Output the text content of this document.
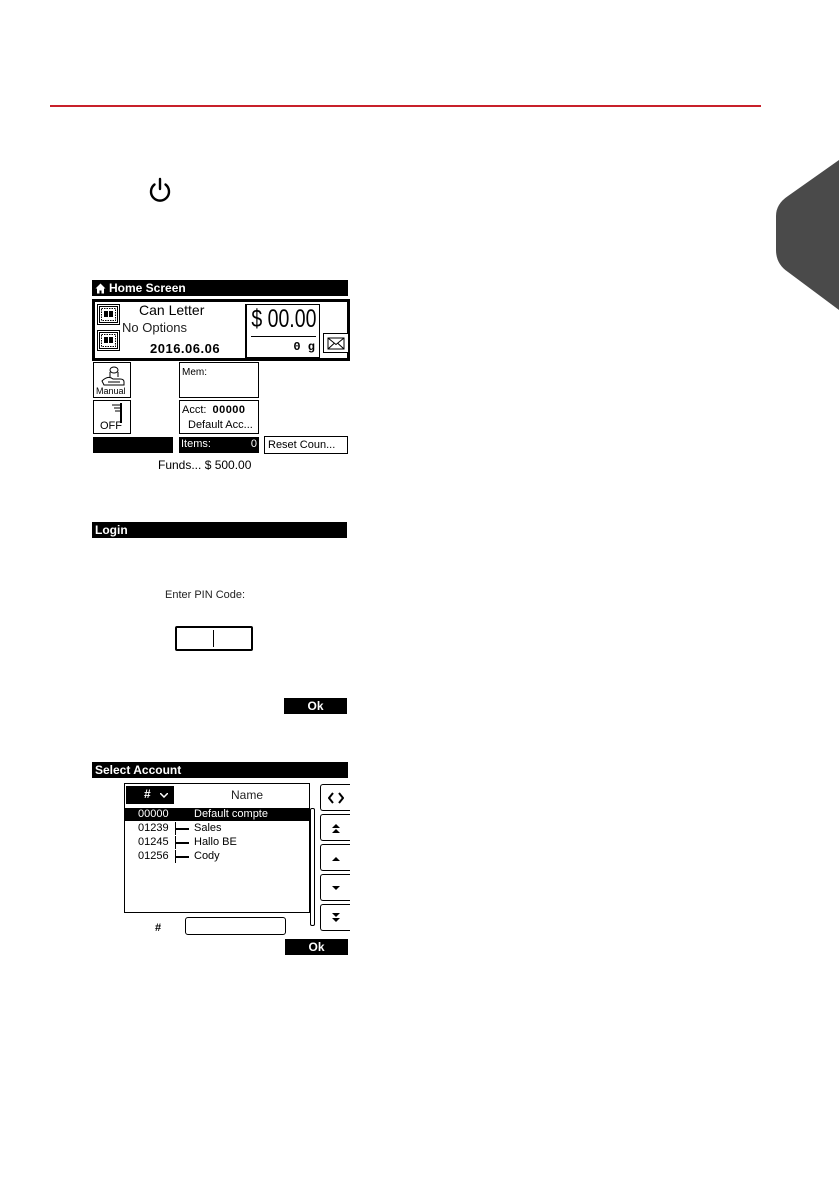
Home Screen
Can Letter
No Options
2016.06.06
$ 00.00
0 g
Manual
OFF
Mem:
Acct: 00000
Default Acc...
Items:	0	Reset Coun...
Funds... $ 500.00
Login
Enter PIN Code:
Ok
Select Account
#	Name
00000 Default compte
01239 Sales
01245 Hallo BE
01256 Cody
#
Ok
